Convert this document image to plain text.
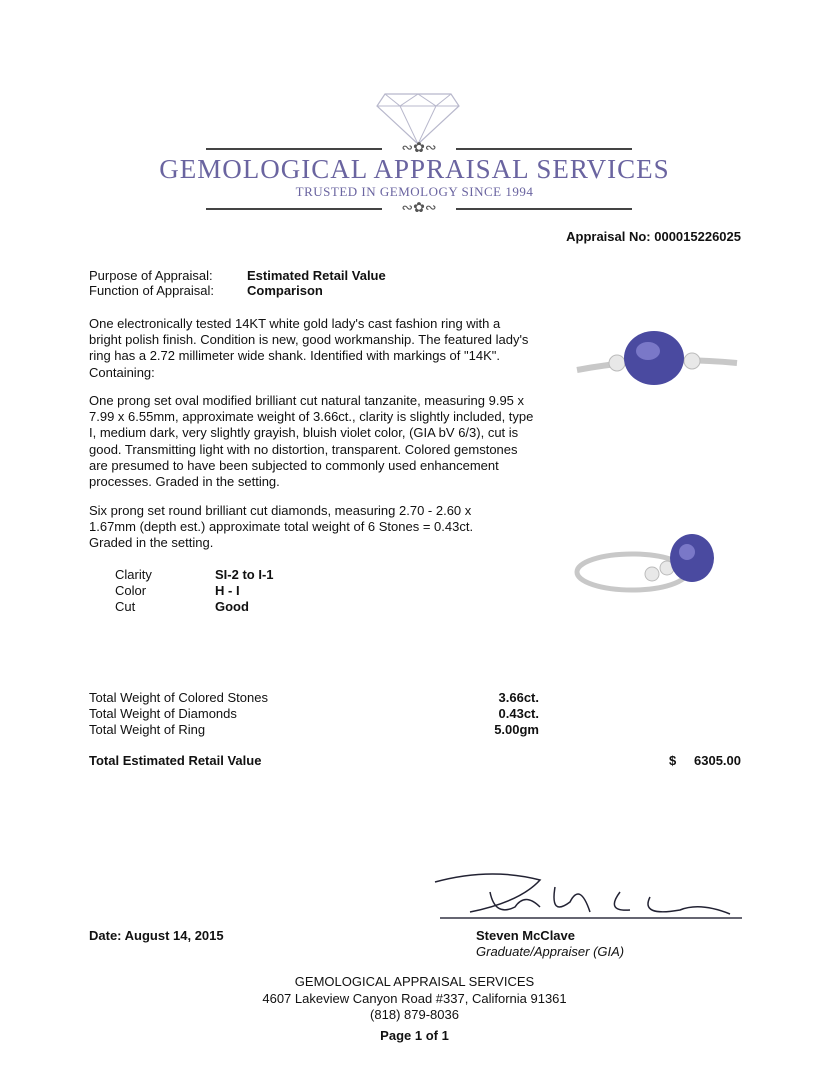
∾✿∾
GEMOLOGICAL APPRAISAL SERVICES
TRUSTED IN GEMOLOGY SINCE 1994
∾✿∾
Appraisal No: 000015226025
Purpose of Appraisal:	Estimated Retail Value
Function of Appraisal:	Comparison
One electronically tested 14KT white gold lady's cast fashion ring with a bright polish finish. Condition is new, good workmanship. The featured lady's ring has a 2.72 millimeter wide shank. Identified with markings of "14K". Containing:
One prong set oval modified brilliant cut natural tanzanite, measuring 9.95 x 7.99 x 6.55mm, approximate weight of 3.66ct., clarity is slightly included, type I, medium dark, very slightly grayish, bluish violet color, (GIA bV 6/3), cut is good. Transmitting light with no distortion, transparent. Colored gemstones are presumed to have been subjected to commonly used enhancement processes. Graded in the setting.
Six prong set round brilliant cut diamonds, measuring 2.70 - 2.60 x 1.67mm (depth est.) approximate total weight of 6 Stones = 0.43ct. Graded in the setting.
Clarity	SI-2 to I-1
Color	H - I
Cut	Good
Total Weight of Colored Stones	3.66ct.
Total Weight of Diamonds	0.43ct.
Total Weight of Ring	5.00gm
Total Estimated Retail Value	$ 6305.00
Date: August 14, 2015	Steven McClave
Graduate/Appraiser (GIA)
GEMOLOGICAL APPRAISAL SERVICES
4607 Lakeview Canyon Road #337, California 91361
(818) 879-8036
Page 1 of 1
